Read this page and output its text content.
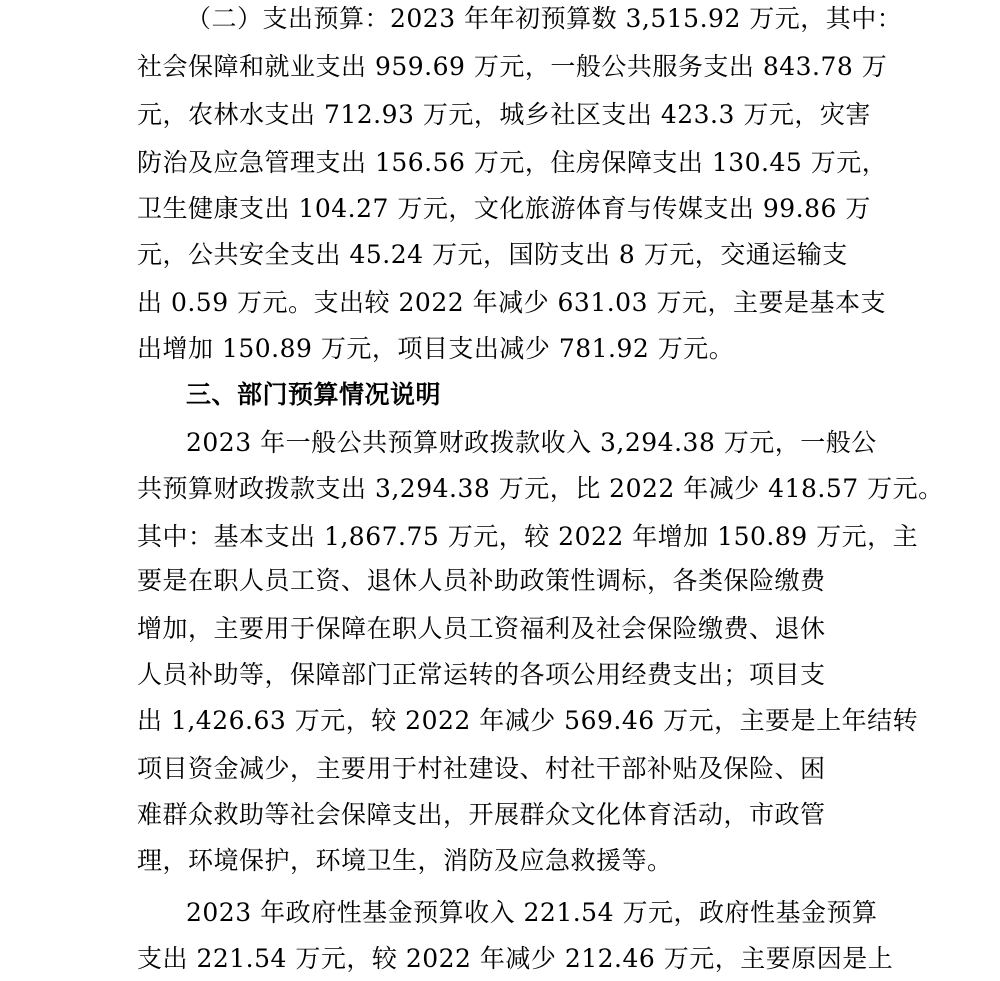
（二）支出预算：2023 年年初预算数 3,515.92 万元，其中：
社会保障和就业支出 959.69 万元，一般公共服务支出 843.78 万
元，农林水支出 712.93 万元，城乡社区支出 423.3 万元，灾害
防治及应急管理支出 156.56 万元，住房保障支出 130.45 万元，
卫生健康支出 104.27 万元，文化旅游体育与传媒支出 99.86 万
元，公共安全支出 45.24 万元，国防支出 8 万元，交通运输支
出 0.59 万元。支出较 2022 年减少 631.03 万元，主要是基本支
出增加 150.89 万元，项目支出减少 781.92 万元。
三、部门预算情况说明
2023 年一般公共预算财政拨款收入 3,294.38 万元，一般公
共预算财政拨款支出 3,294.38 万元，比 2022 年减少 418.57 万元。
其中：基本支出 1,867.75 万元，较 2022 年增加 150.89 万元，主
要是在职人员工资、退休人员补助政策性调标，各类保险缴费
增加，主要用于保障在职人员工资福利及社会保险缴费、退休
人员补助等，保障部门正常运转的各项公用经费支出；项目支
出 1,426.63 万元，较 2022 年减少 569.46 万元，主要是上年结转
项目资金减少，主要用于村社建设、村社干部补贴及保险、困
难群众救助等社会保障支出，开展群众文化体育活动，市政管
理，环境保护，环境卫生，消防及应急救援等。
2023 年政府性基金预算收入 221.54 万元，政府性基金预算
支出 221.54 万元，较 2022 年减少 212.46 万元，主要原因是上
